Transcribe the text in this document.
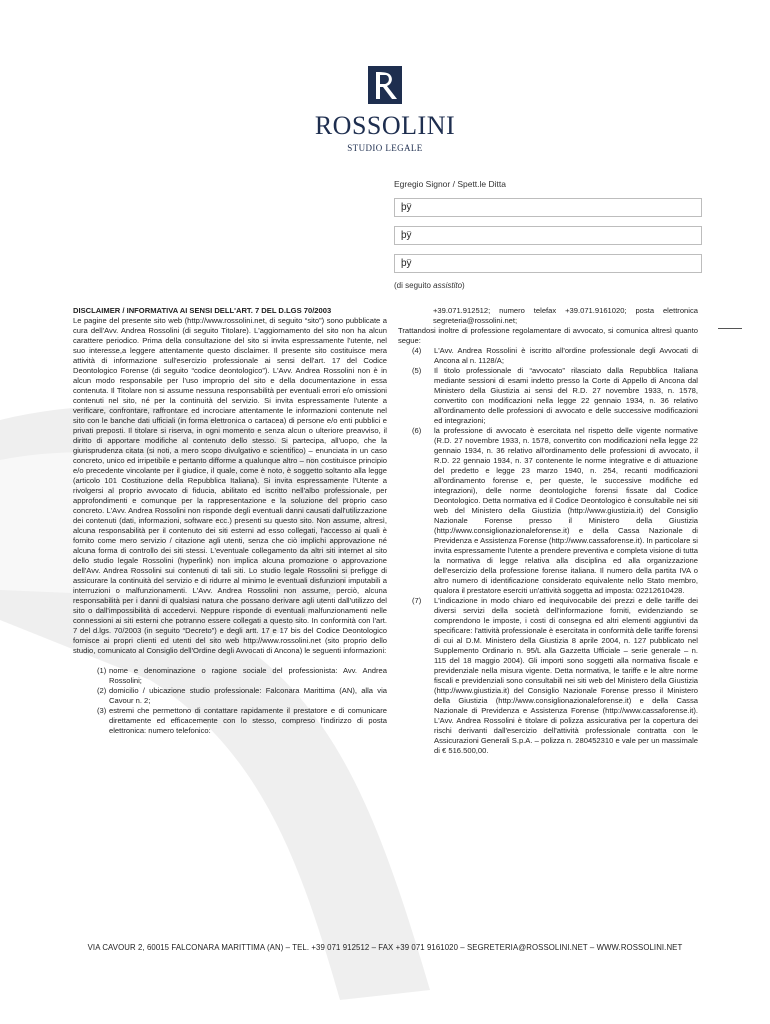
ROSSOLINI
STUDIO LEGALE
Egregio Signor / Spett.le Ditta
þÿ
þÿ
þÿ
(di seguito assistito)
DISCLAIMER / INFORMATIVA AI SENSI DELL'ART. 7 DEL D.LGS 70/2003

Le pagine del presente sito web (http://www.rossolini.net, di seguito “sito”) sono pubblicate a cura dell'Avv. Andrea Rossolini (di seguito Titolare). L'aggiornamento del sito non ha alcun carattere periodico. Prima della consultazione del sito si invita espressamente l'utente, nel suo interesse,a leggere attentamente questo disclaimer. Il presente sito costituisce mera attività di informazione sull'esercizio professionale ai sensi dell'art. 17 del Codice Deontologico Forense (di seguito “codice deontologico”). L'Avv. Andrea Rossolini non è in alcun modo responsabile per l'uso improprio del sito e della documentazione in essa contenuta. Il Titolare non si assume nessuna responsabilità per eventuali errori e/o omissioni contenuti nel sito, né per la continuità del servizio. Si invita espressamente l'utente a verificare, confrontare, raffrontare ed incrociare attentamente le informazioni contenute nel sito con le banche dati ufficiali (in forma elettronica o cartacea) di persone e/o enti pubblici e privati preposti. Il titolare si riserva, in ogni momento e senza alcun o ulteriore preavviso, il diritto di apportare modifiche al contenuto dello stesso. Si partecipa, all'uopo, che la giurisprudenza citata (si noti, a mero scopo divulgativo e scientifico) – enunciata in un caso concreto, unico ed irripetibile e pertanto difforme a qualunque altro – non costituisce principio e/o precedente vincolante per il giudice, il quale, come è noto, è soggetto soltanto alla legge (articolo 101 Costituzione della Repubblica Italiana). Si invita espressamente l'Utente a rivolgersi al proprio avvocato di fiducia, abilitato ed iscritto nell'albo professionale, per approfondimenti e comunque per la rappresentazione e la soluzione del proprio caso concreto. L'Avv. Andrea Rossolini non risponde degli eventuali danni causati dall'utilizzazione dei contenuti (dati, informazioni, software ecc.) presenti su questo sito. Non assume, altresì, alcuna responsabilità per il contenuto dei siti esterni ad esso collegati, l'accesso ai quali è fornito come mero servizio / citazione agli utenti, senza che ciò implichi approvazione né alcuna forma di controllo dei siti stessi. L'eventuale collegamento da altri siti internet al sito dello studio legale Rossolini (hyperlink) non implica alcuna promozione o approvazione dell'Avv. Andrea Rossolini sui contenuti di tali siti. Lo studio legale Rossolini si prefigge di assicurare la continuità del servizio e di ridurre al minimo le eventuali disfunzioni imputabili a interruzioni o malfunzionamenti. L'Avv. Andrea Rossolini non assume, perciò, alcuna responsabilità per i danni di qualsiasi natura che possano derivare agli utenti dall'utilizzo del sito o dall'impossibilità di accedervi. Neppure risponde di eventuali malfunzionamenti nelle connessioni ai siti esterni che potranno essere collegati a questo sito. In conformità con l'art. 7 del d.lgs. 70/2003 (in seguito “Decreto”) e degli artt. 17 e 17 bis del Codice Deontologico fornisce ai propri clienti ed utenti del sito web http://www.rossolini.net (sito proprio dello studio, comunicato al Consiglio dell'Ordine degli Avvocati di Ancona) le seguenti informazioni:

(1) nome e denominazione o ragione sociale del professionista: Avv. Andrea Rossolini;
(2) domicilio / ubicazione studio professionale: Falconara Marittima (AN), alla via Cavour n. 2;
(3) estremi che permettono di contattare rapidamente il prestatore e di comunicare direttamente ed efficacemente con lo stesso, compreso l'indirizzo di posta elettronica: numero telefonico:

+39.071.912512; numero telefax +39.071.9161020; posta elettronica segreteria@rossolini.net;

Trattandosi inoltre di professione regolamentare di avvocato, si comunica altresì quanto segue:

(4)	L'Avv. Andrea Rossolini è iscritto all'ordine professionale degli Avvocati di Ancona al n. 1128/A;
(5)	Il titolo professionale di “avvocato” rilasciato dalla Repubblica Italiana mediante sessioni di esami indetto presso la Corte di Appello di Ancona dal Ministero della Giustizia ai sensi del R.D. 27 novembre 1933, n. 1578, convertito con modificazioni nella legge 22 gennaio 1934, n. 36 relativo all'ordinamento delle professioni di avvocato e delle successive modificazioni ed integrazioni;
(6)	la professione di avvocato è esercitata nel rispetto delle vigente normative (R.D. 27 novembre 1933, n. 1578, convertito con modificazioni nella legge 22 gennaio 1934, n. 36 relativo all'ordinamento delle professioni di avvocato, il R.D. 22 gennaio 1934, n. 37 contenente le norme integrative e di attuazione del predetto e legge 23 marzo 1940, n. 254, recanti modificazioni all'ordinamento forense e, per queste, le successive modifiche ed integrazioni), delle norme deontologiche forensi fissate dal Codice Deontologico. Detta normativa ed il Codice Deontologico è consultabile nei siti web del Ministero della Giustizia (http://www.giustizia.it) del Consiglio Nazionale Forense presso il Ministero della Giustizia (http://www.consiglionazionaleforense.it) e della Cassa Nazionale di Previdenza e Assistenza Forense (http://www.cassaforense.it). In particolare si invita espressamente l'utente a prendere preventiva e completa visione di tutta la normativa di legge relativa alla disciplina ed alla organizzazione dell'esercizio della professione forense italiana. Il numero della partita IVA o altro numero di identificazione considerato equivalente nello Stato membro, qualora il prestatore eserciti un'attività soggetta ad imposta: 02212610428.
(7)	L'indicazione in modo chiaro ed inequivocabile dei prezzi e delle tariffe dei diversi servizi della società dell'informazione forniti, evidenziando se comprendono le imposte, i costi di consegna ed altri elementi aggiuntivi da specificare: l'attività professionale è esercitata in conformità delle tariffe forensi di cui al D.M. Ministero della Giustizia 8 aprile 2004, n. 127 pubblicato nel Supplemento Ordinario n. 95/L alla Gazzetta Ufficiale – serie generale – n. 115 del 18 maggio 2004). Gli importi sono soggetti alla normativa fiscale e previdenziale nella misura vigente. Detta normativa, le tariffe e le altre norme fiscali e previdenziali sono consultabili nei siti web del Ministero della Giustizia (http://www.giustizia.it) del Consiglio Nazionale Forense presso il Ministero della Giustizia (http://www.consiglionazionaleforense.it) e della Cassa Nazionale di Previdenza e Assistenza Forense (http://www.cassaforense.it). L'Avv. Andrea Rossolini è titolare di polizza assicurativa per la copertura dei rischi derivanti dall'esercizio dell'attività professionale contratta con le Assicurazioni Generali S.p.A. – polizza n. 280452310 e vale per un massimale di € 516.500,00.
VIA CAVOUR 2, 60015 FALCONARA MARITTIMA (AN) – TEL. +39 071 912512 – FAX +39 071 9161020 – SEGRETERIA@ROSSOLINI.NET – WWW.ROSSOLINI.NET
